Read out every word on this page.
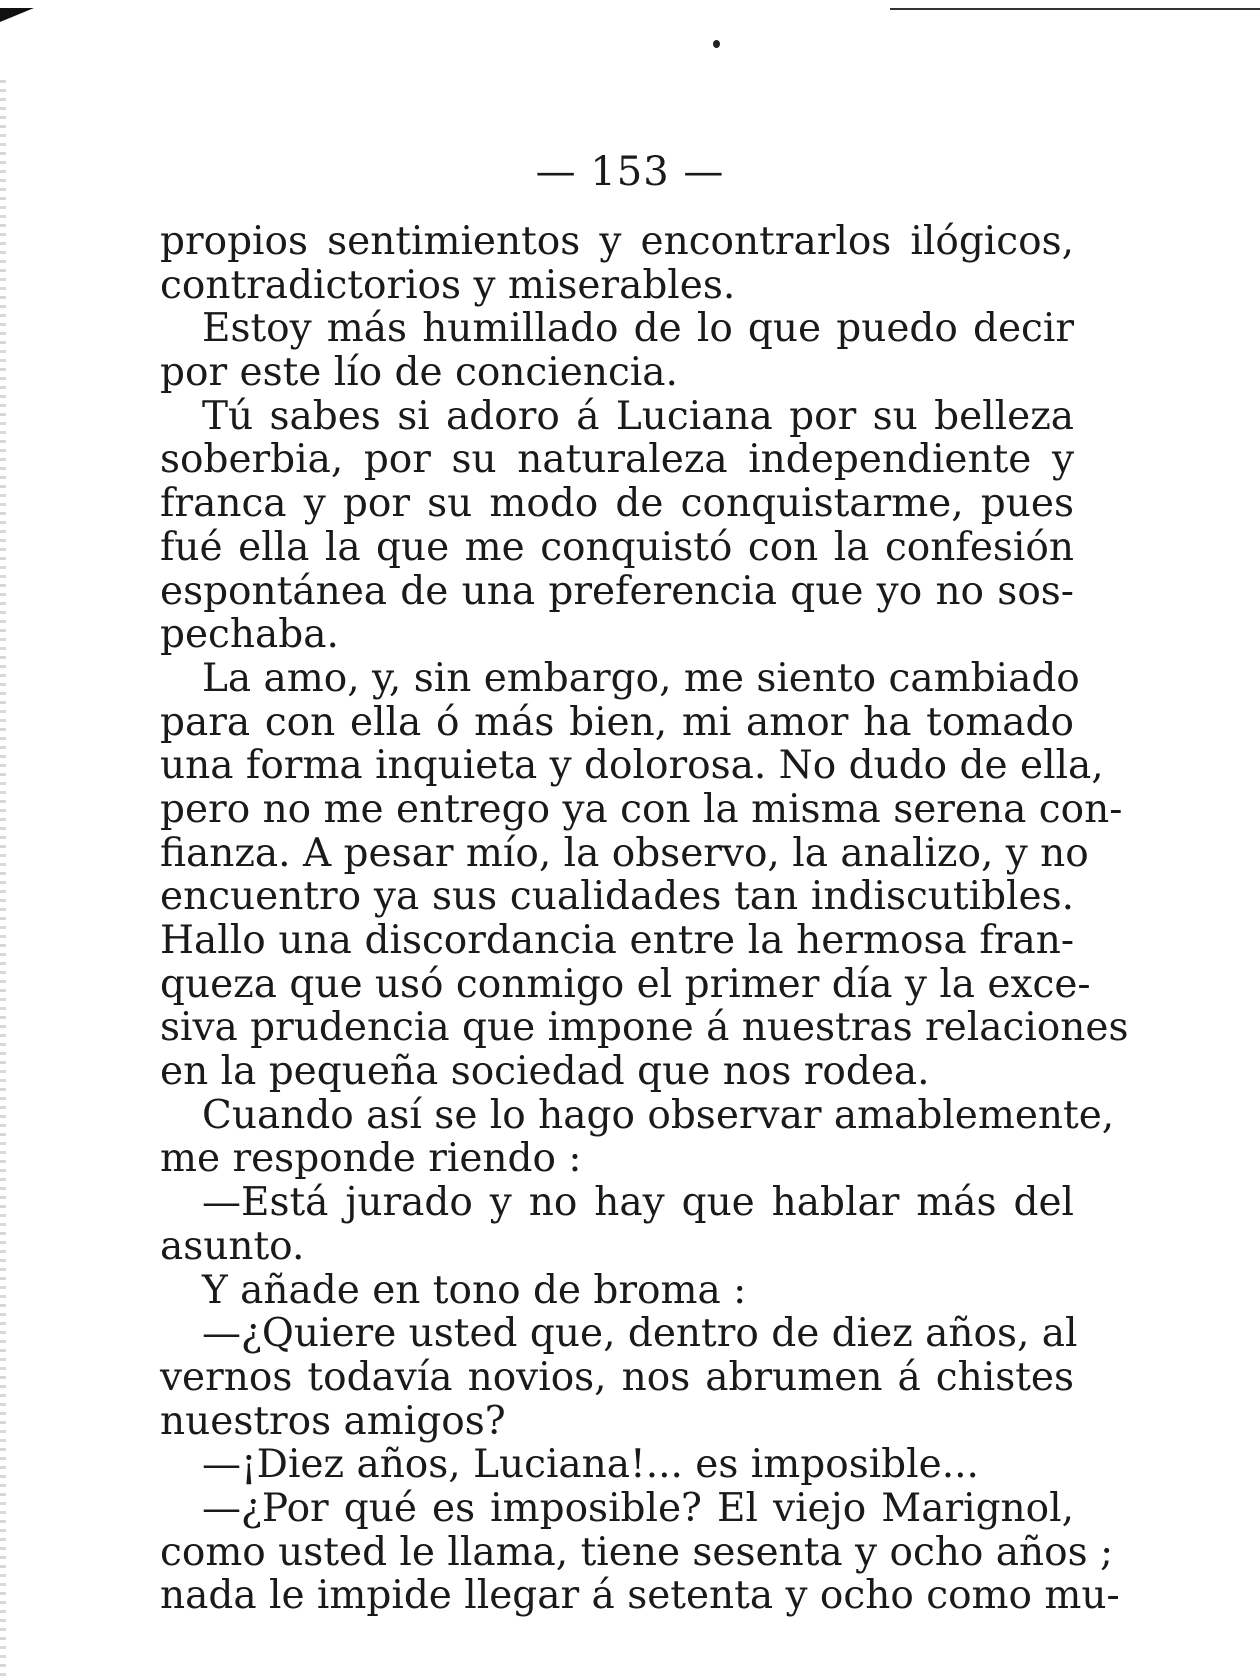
— 153 —
propios sentimientos y encontrarlos ilógicos,
contradictorios y miserables.
Estoy más humillado de lo que puedo decir
por este lío de conciencia.
Tú sabes si adoro á Luciana por su belleza
soberbia, por su naturaleza independiente y
franca y por su modo de conquistarme, pues
fué ella la que me conquistó con la confesión
espontánea de una preferencia que yo no sos-
pechaba.
La amo, y, sin embargo, me siento cambiado
para con ella ó más bien, mi amor ha tomado
una forma inquieta y dolorosa. No dudo de ella,
pero no me entrego ya con la misma serena con-
fianza. A pesar mío, la observo, la analizo, y no
encuentro ya sus cualidades tan indiscutibles.
Hallo una discordancia entre la hermosa fran-
queza que usó conmigo el primer día y la exce-
siva prudencia que impone á nuestras relaciones
en la pequeña sociedad que nos rodea.
Cuando así se lo hago observar amablemente,
me responde riendo :
—Está jurado y no hay que hablar más del
asunto.
Y añade en tono de broma :
—¿Quiere usted que, dentro de diez años, al
vernos todavía novios, nos abrumen á chistes
nuestros amigos?
—¡Diez años, Luciana!... es imposible...
—¿Por qué es imposible? El viejo Marignol,
como usted le llama, tiene sesenta y ocho años ;
nada le impide llegar á setenta y ocho como mu-
